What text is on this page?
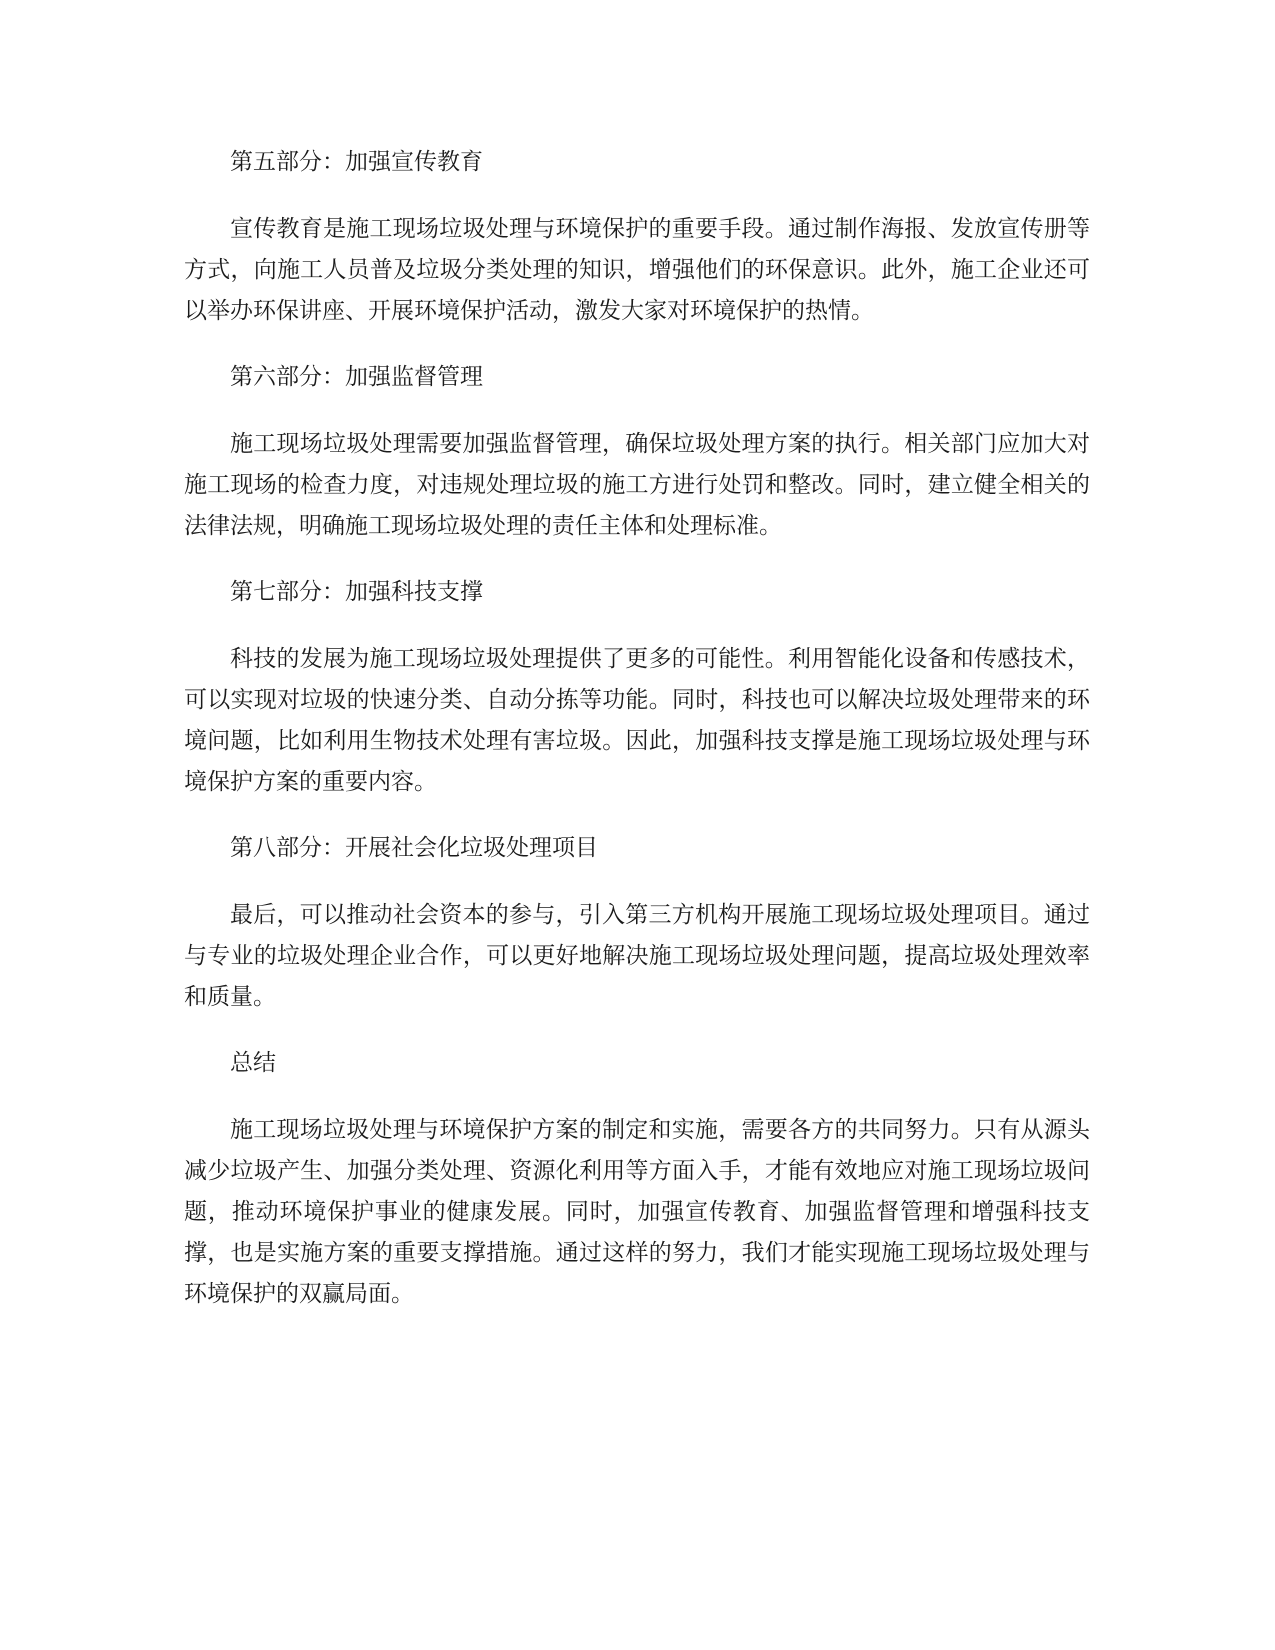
第五部分：加强宣传教育
宣传教育是施工现场垃圾处理与环境保护的重要手段。通过制作海报、发放宣传册等方式，向施工人员普及垃圾分类处理的知识，增强他们的环保意识。此外，施工企业还可以举办环保讲座、开展环境保护活动，激发大家对环境保护的热情。
第六部分：加强监督管理
施工现场垃圾处理需要加强监督管理，确保垃圾处理方案的执行。相关部门应加大对施工现场的检查力度，对违规处理垃圾的施工方进行处罚和整改。同时，建立健全相关的法律法规，明确施工现场垃圾处理的责任主体和处理标准。
第七部分：加强科技支撑
科技的发展为施工现场垃圾处理提供了更多的可能性。利用智能化设备和传感技术，可以实现对垃圾的快速分类、自动分拣等功能。同时，科技也可以解决垃圾处理带来的环境问题，比如利用生物技术处理有害垃圾。因此，加强科技支撑是施工现场垃圾处理与环境保护方案的重要内容。
第八部分：开展社会化垃圾处理项目
最后，可以推动社会资本的参与，引入第三方机构开展施工现场垃圾处理项目。通过与专业的垃圾处理企业合作，可以更好地解决施工现场垃圾处理问题，提高垃圾处理效率和质量。
总结
施工现场垃圾处理与环境保护方案的制定和实施，需要各方的共同努力。只有从源头减少垃圾产生、加强分类处理、资源化利用等方面入手，才能有效地应对施工现场垃圾问题，推动环境保护事业的健康发展。同时，加强宣传教育、加强监督管理和增强科技支撑，也是实施方案的重要支撑措施。通过这样的努力，我们才能实现施工现场垃圾处理与环境保护的双赢局面。
